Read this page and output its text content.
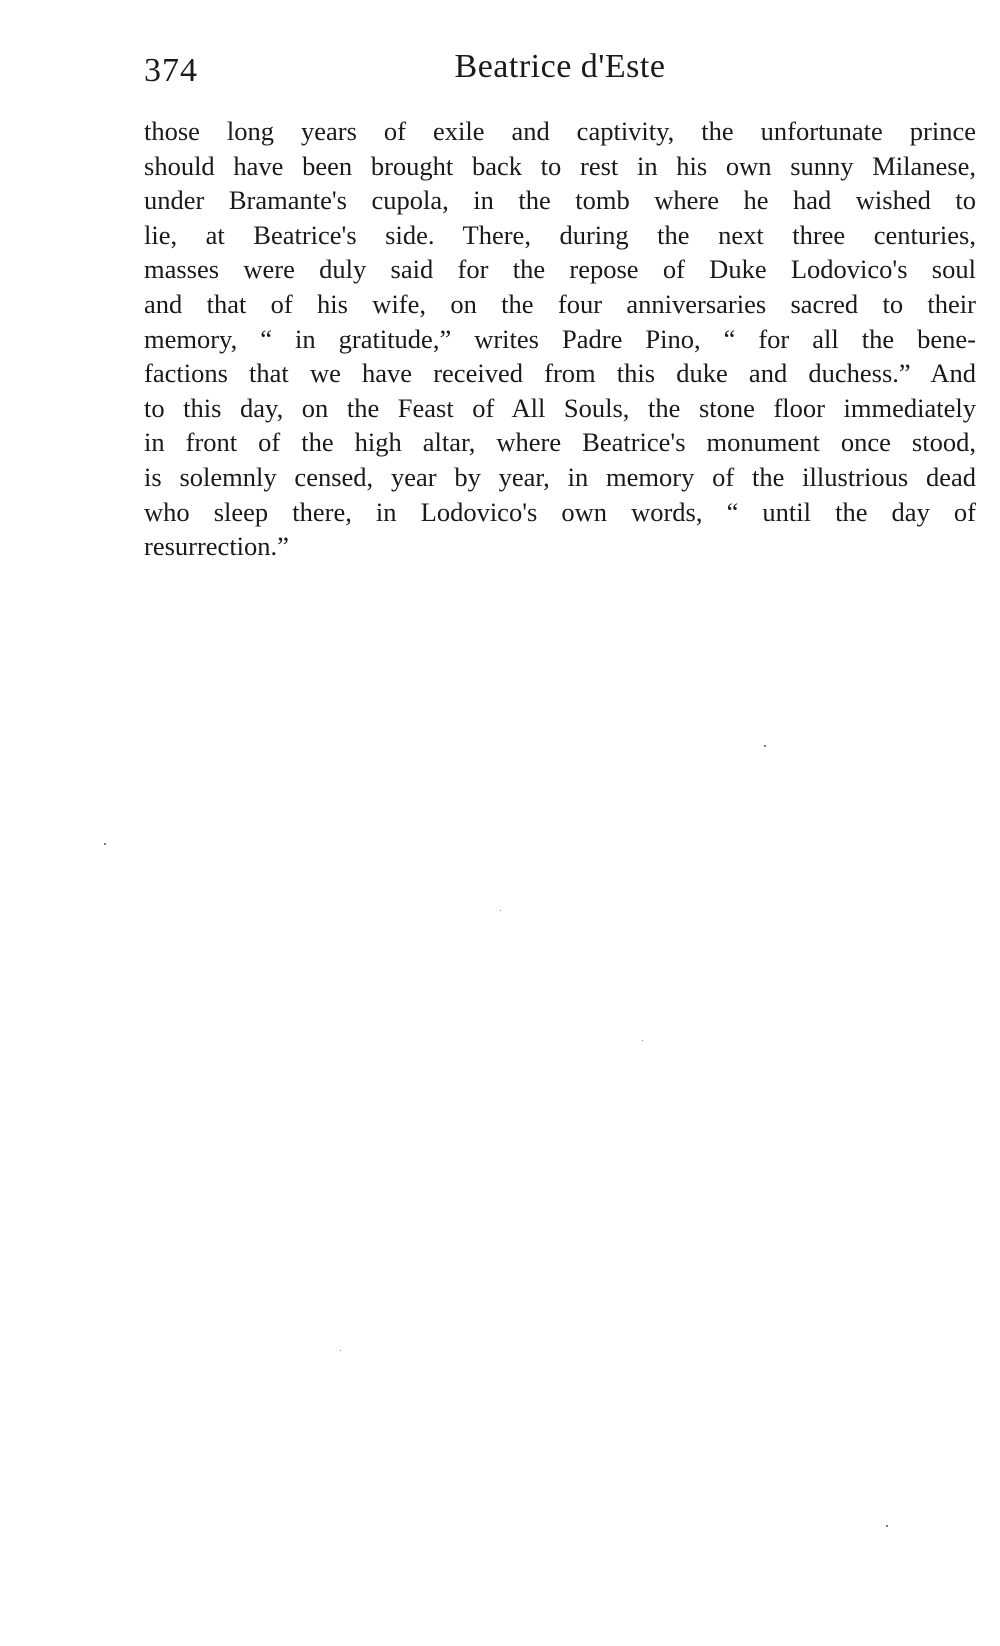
374	Beatrice d'Este
those long years of exile and captivity, the unfortunate prince
should have been brought back to rest in his own sunny Milanese,
under Bramante's cupola, in the tomb where he had wished to
lie, at Beatrice's side. There, during the next three centuries,
masses were duly said for the repose of Duke Lodovico's soul
and that of his wife, on the four anniversaries sacred to their
memory, “ in gratitude,” writes Padre Pino, “ for all the bene-
factions that we have received from this duke and duchess.” And
to this day, on the Feast of All Souls, the stone floor immediately
in front of the high altar, where Beatrice's monument once stood,
is solemnly censed, year by year, in memory of the illustrious dead
who sleep there, in Lodovico's own words, “ until the day of
resurrection.”
